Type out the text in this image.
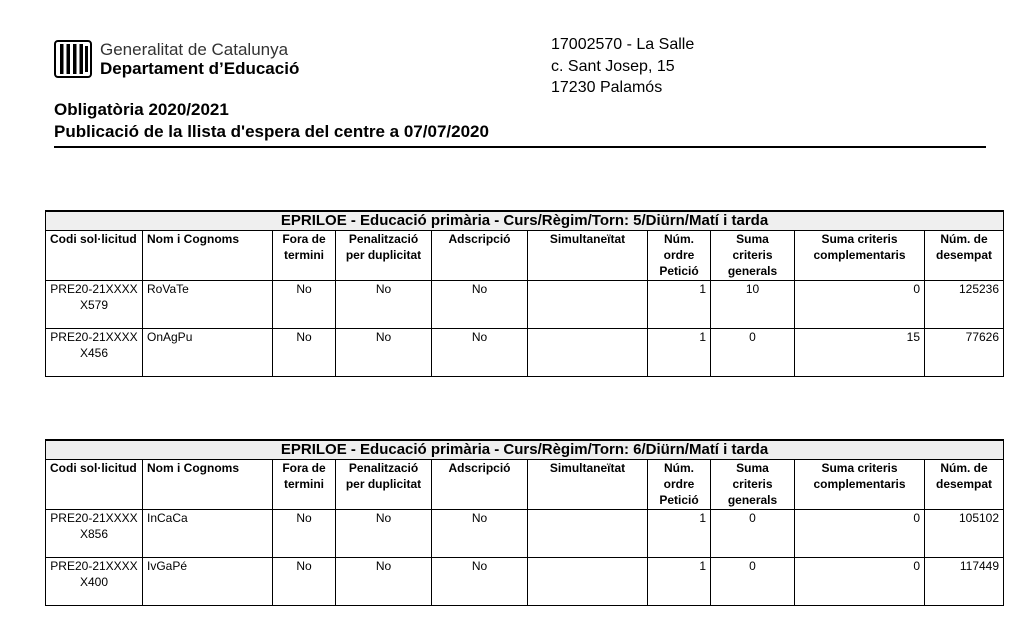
Generalitat de Catalunya
Departament d’Educació
17002570 - La Salle
c. Sant Josep, 15
17230 Palamós
Obligatòria 2020/2021
Publicació de la llista d'espera del centre a 07/07/2020
EPRILOE - Educació primària - Curs/Règim/Torn: 5/Diürn/Matí i tarda									
Codi sol·licitud	Nom i Cognoms	Fora de termini	Penalització per duplicitat	Adscripció	Simultaneïtat	Núm. ordre Petició	Suma criteris generals	Suma criteris complementaris	Núm. de desempat
PRE20-21XXXXX579	RoVaTe	No	No	No		1	10	0	125236
PRE20-21XXXXX456	OnAgPu	No	No	No		1	0	15	77626
EPRILOE - Educació primària - Curs/Règim/Torn: 6/Diürn/Matí i tarda									
Codi sol·licitud	Nom i Cognoms	Fora de termini	Penalització per duplicitat	Adscripció	Simultaneïtat	Núm. ordre Petició	Suma criteris generals	Suma criteris complementaris	Núm. de desempat
PRE20-21XXXXX856	InCaCa	No	No	No		1	0	0	105102
PRE20-21XXXXX400	IvGaPé	No	No	No		1	0	0	117449
